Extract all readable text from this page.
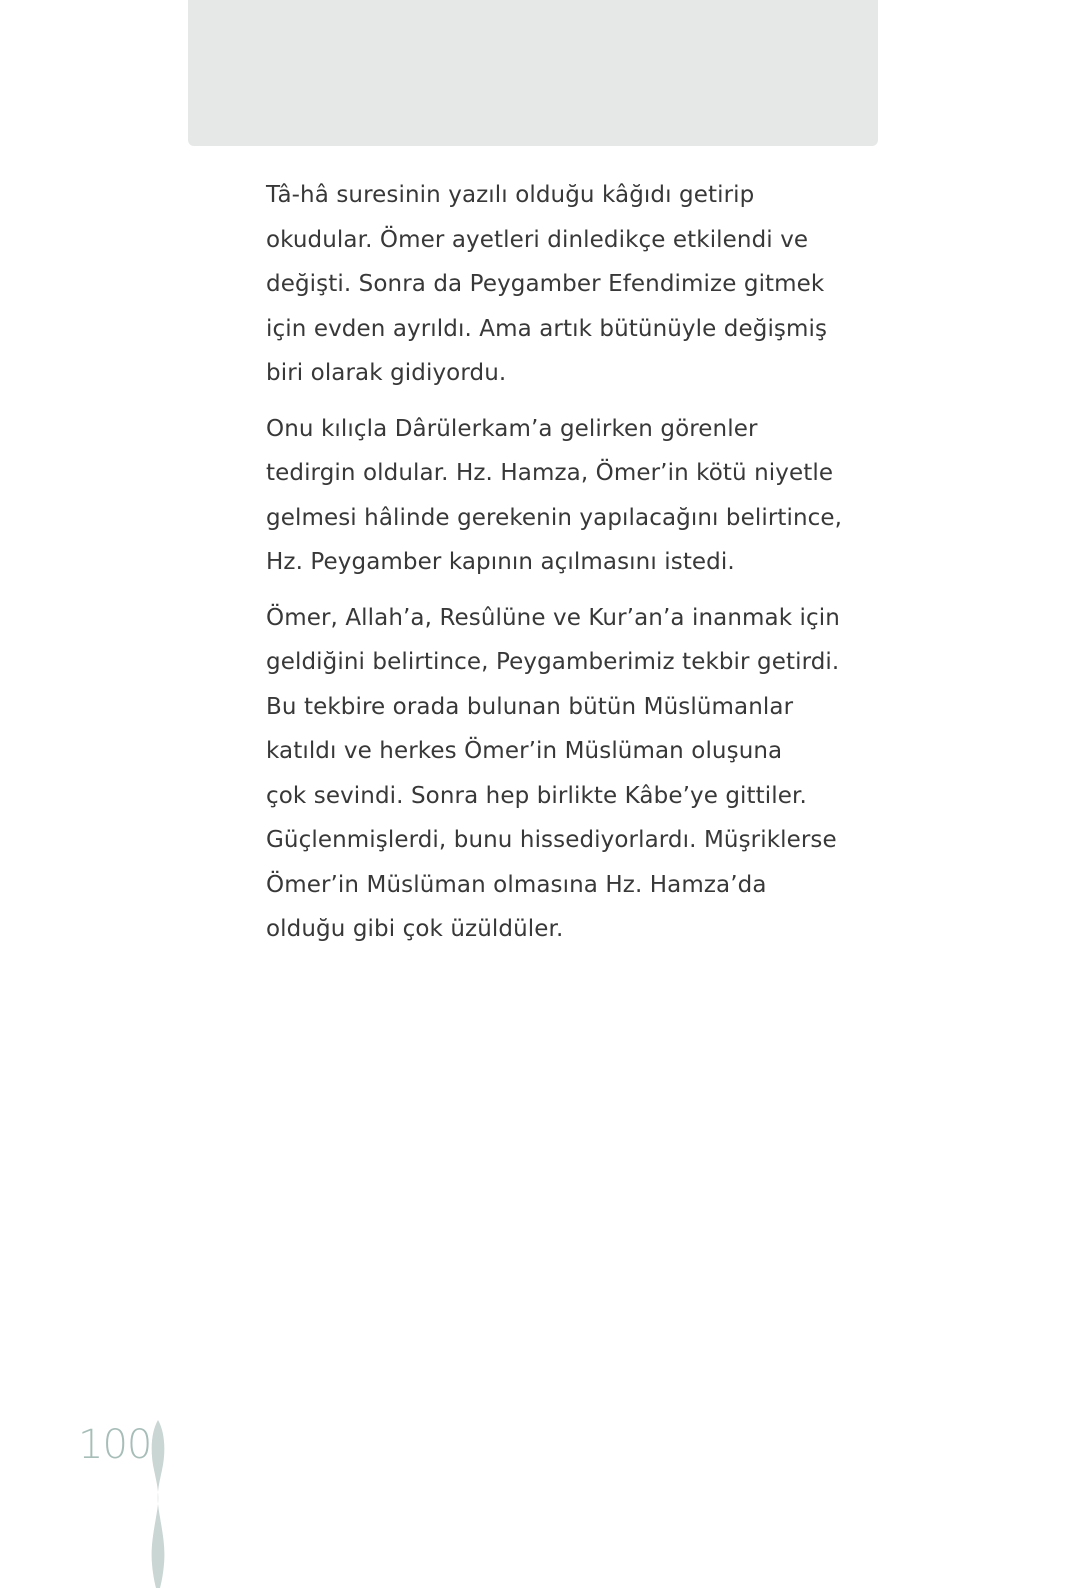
Tâ-hâ suresinin yazılı olduğu kâğıdı getirip
okudular. Ömer ayetleri dinledikçe etkilendi ve
değişti. Sonra da Peygamber Efendimize gitmek
için evden ayrıldı. Ama artık bütünüyle değişmiş
biri olarak gidiyordu.
Onu kılıçla Dârülerkam’a gelirken görenler
tedirgin oldular. Hz. Hamza, Ömer’in kötü niyetle
gelmesi hâlinde gerekenin yapılacağını belirtince,
Hz. Peygamber kapının açılmasını istedi.
Ömer, Allah’a, Resûlüne ve Kur’an’a inanmak için
geldiğini belirtince, Peygamberimiz tekbir getirdi.
Bu tekbire orada bulunan bütün Müslümanlar
katıldı ve herkes Ömer’in Müslüman oluşuna
çok sevindi. Sonra hep birlikte Kâbe’ye gittiler.
Güçlenmişlerdi, bunu hissediyorlardı. Müşriklerse
Ömer’in Müslüman olmasına Hz. Hamza’da
olduğu gibi çok üzüldüler.
100
